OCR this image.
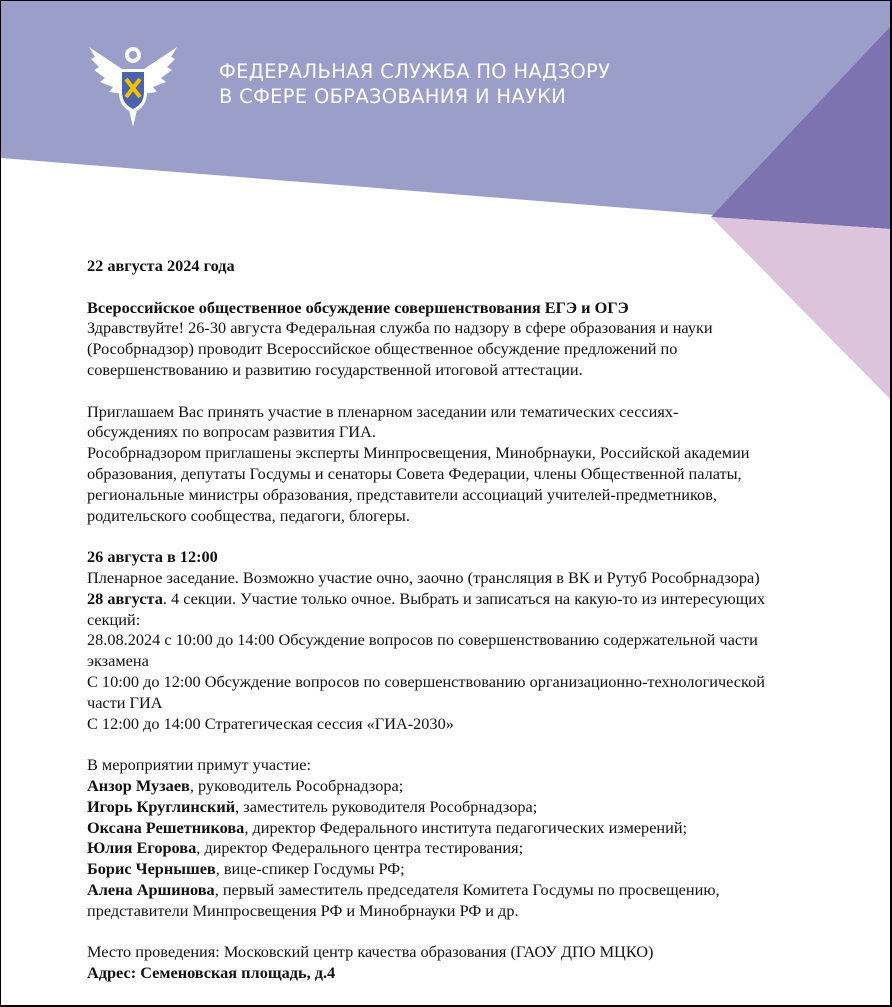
ФЕДЕРАЛЬНАЯ СЛУЖБА ПО НАДЗОРУ
В СФЕРЕ ОБРАЗОВАНИЯ И НАУКИ

22 августа 2024 года

Всероссийское общественное обсуждение совершенствования ЕГЭ и ОГЭ

Здравствуйте! 26-30 августа Федеральная служба по надзору в сфере образования и науки

(Рособрнадзор) проводит Всероссийское общественное обсуждение предложений по

совершенствованию и развитию государственной итоговой аттестации.

Приглашаем Вас принять участие в пленарном заседании или тематических сессиях-

обсуждениях по вопросам развития ГИА.

Рособрнадзором приглашены эксперты Минпросвещения, Минобрнауки, Российской академии

образования, депутаты Госдумы и сенаторы Совета Федерации, члены Общественной палаты,

региональные министры образования, представители ассоциаций учителей-предметников,

родительского сообщества, педагоги, блогеры.

26 августа в 12:00

Пленарное заседание. Возможно участие очно, заочно (трансляция в ВК и Рутуб Рособрнадзора)

28 августа. 4 секции. Участие только очное. Выбрать и записаться на какую-то из интересующих

секций:

28.08.2024 с 10:00 до 14:00 Обсуждение вопросов по совершенствованию содержательной части

экзамена

С 10:00 до 12:00 Обсуждение вопросов по совершенствованию организационно-технологической

части ГИА

С 12:00 до 14:00 Стратегическая сессия «ГИА-2030»

В мероприятии примут участие:

Анзор Музаев, руководитель Рособрнадзора;

Игорь Круглинский, заместитель руководителя Рособрнадзора;

Оксана Решетникова, директор Федерального института педагогических измерений;

Юлия Егорова, директор Федерального центра тестирования;

Борис Чернышев, вице-спикер Госдумы РФ;

Алена Аршинова, первый заместитель председателя Комитета Госдумы по просвещению,

представители Минпросвещения РФ и Минобрнауки РФ и др.

Место проведения: Московский центр качества образования (ГАОУ ДПО МЦКО)

Адрес: Семеновская площадь, д.4
